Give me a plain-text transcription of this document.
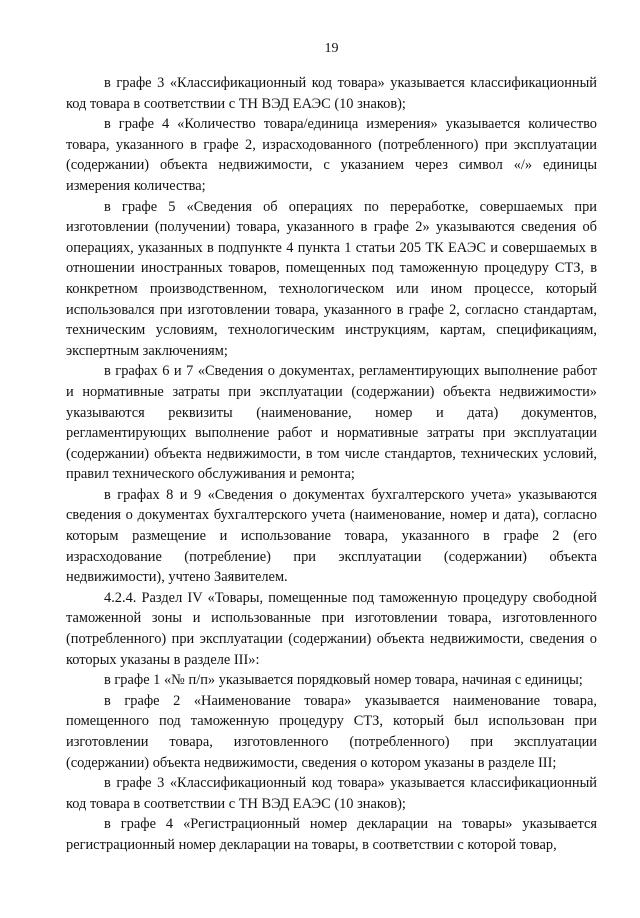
19

в графе 3 «Классификационный код товара» указывается классификационный код товара в соответствии с ТН ВЭД ЕАЭС (10 знаков);

в графе 4 «Количество товара/единица измерения» указывается количество товара, указанного в графе 2, израсходованного (потребленного) при эксплуатации (содержании) объекта недвижимости, с указанием через символ «/» единицы измерения количества;

в графе 5 «Сведения об операциях по переработке, совершаемых при изготовлении (получении) товара, указанного в графе 2» указываются сведения об операциях, указанных в подпункте 4 пункта 1 статьи 205 ТК ЕАЭС и совершаемых в отношении иностранных товаров, помещенных под таможенную процедуру СТЗ, в конкретном производственном, технологическом или ином процессе, который использовался при изготовлении товара, указанного в графе 2, согласно стандартам, техническим условиям, технологическим инструкциям, картам, спецификациям, экспертным заключениям;

в графах 6 и 7 «Сведения о документах, регламентирующих выполнение работ и нормативные затраты при эксплуатации (содержании) объекта недвижимости» указываются реквизиты (наименование, номер и дата) документов, регламентирующих выполнение работ и нормативные затраты при эксплуатации (содержании) объекта недвижимости, в том числе стандартов, технических условий, правил технического обслуживания и ремонта;

в графах 8 и 9 «Сведения о документах бухгалтерского учета» указываются сведения о документах бухгалтерского учета (наименование, номер и дата), согласно которым размещение и использование товара, указанного в графе 2 (его израсходование (потребление) при эксплуатации (содержании) объекта недвижимости), учтено Заявителем.

4.2.4. Раздел IV «Товары, помещенные под таможенную процедуру свободной таможенной зоны и использованные при изготовлении товара, изготовленного (потребленного) при эксплуатации (содержании) объекта недвижимости, сведения о которых указаны в разделе III»:

в графе 1 «№ п/п» указывается порядковый номер товара, начиная с единицы;

в графе 2 «Наименование товара» указывается наименование товара, помещенного под таможенную процедуру СТЗ, который был использован при изготовлении товара, изготовленного (потребленного) при эксплуатации (содержании) объекта недвижимости, сведения о котором указаны в разделе III;

в графе 3 «Классификационный код товара» указывается классификационный код товара в соответствии с ТН ВЭД ЕАЭС (10 знаков);

в графе 4 «Регистрационный номер декларации на товары» указывается регистрационный номер декларации на товары, в соответствии с которой товар,
